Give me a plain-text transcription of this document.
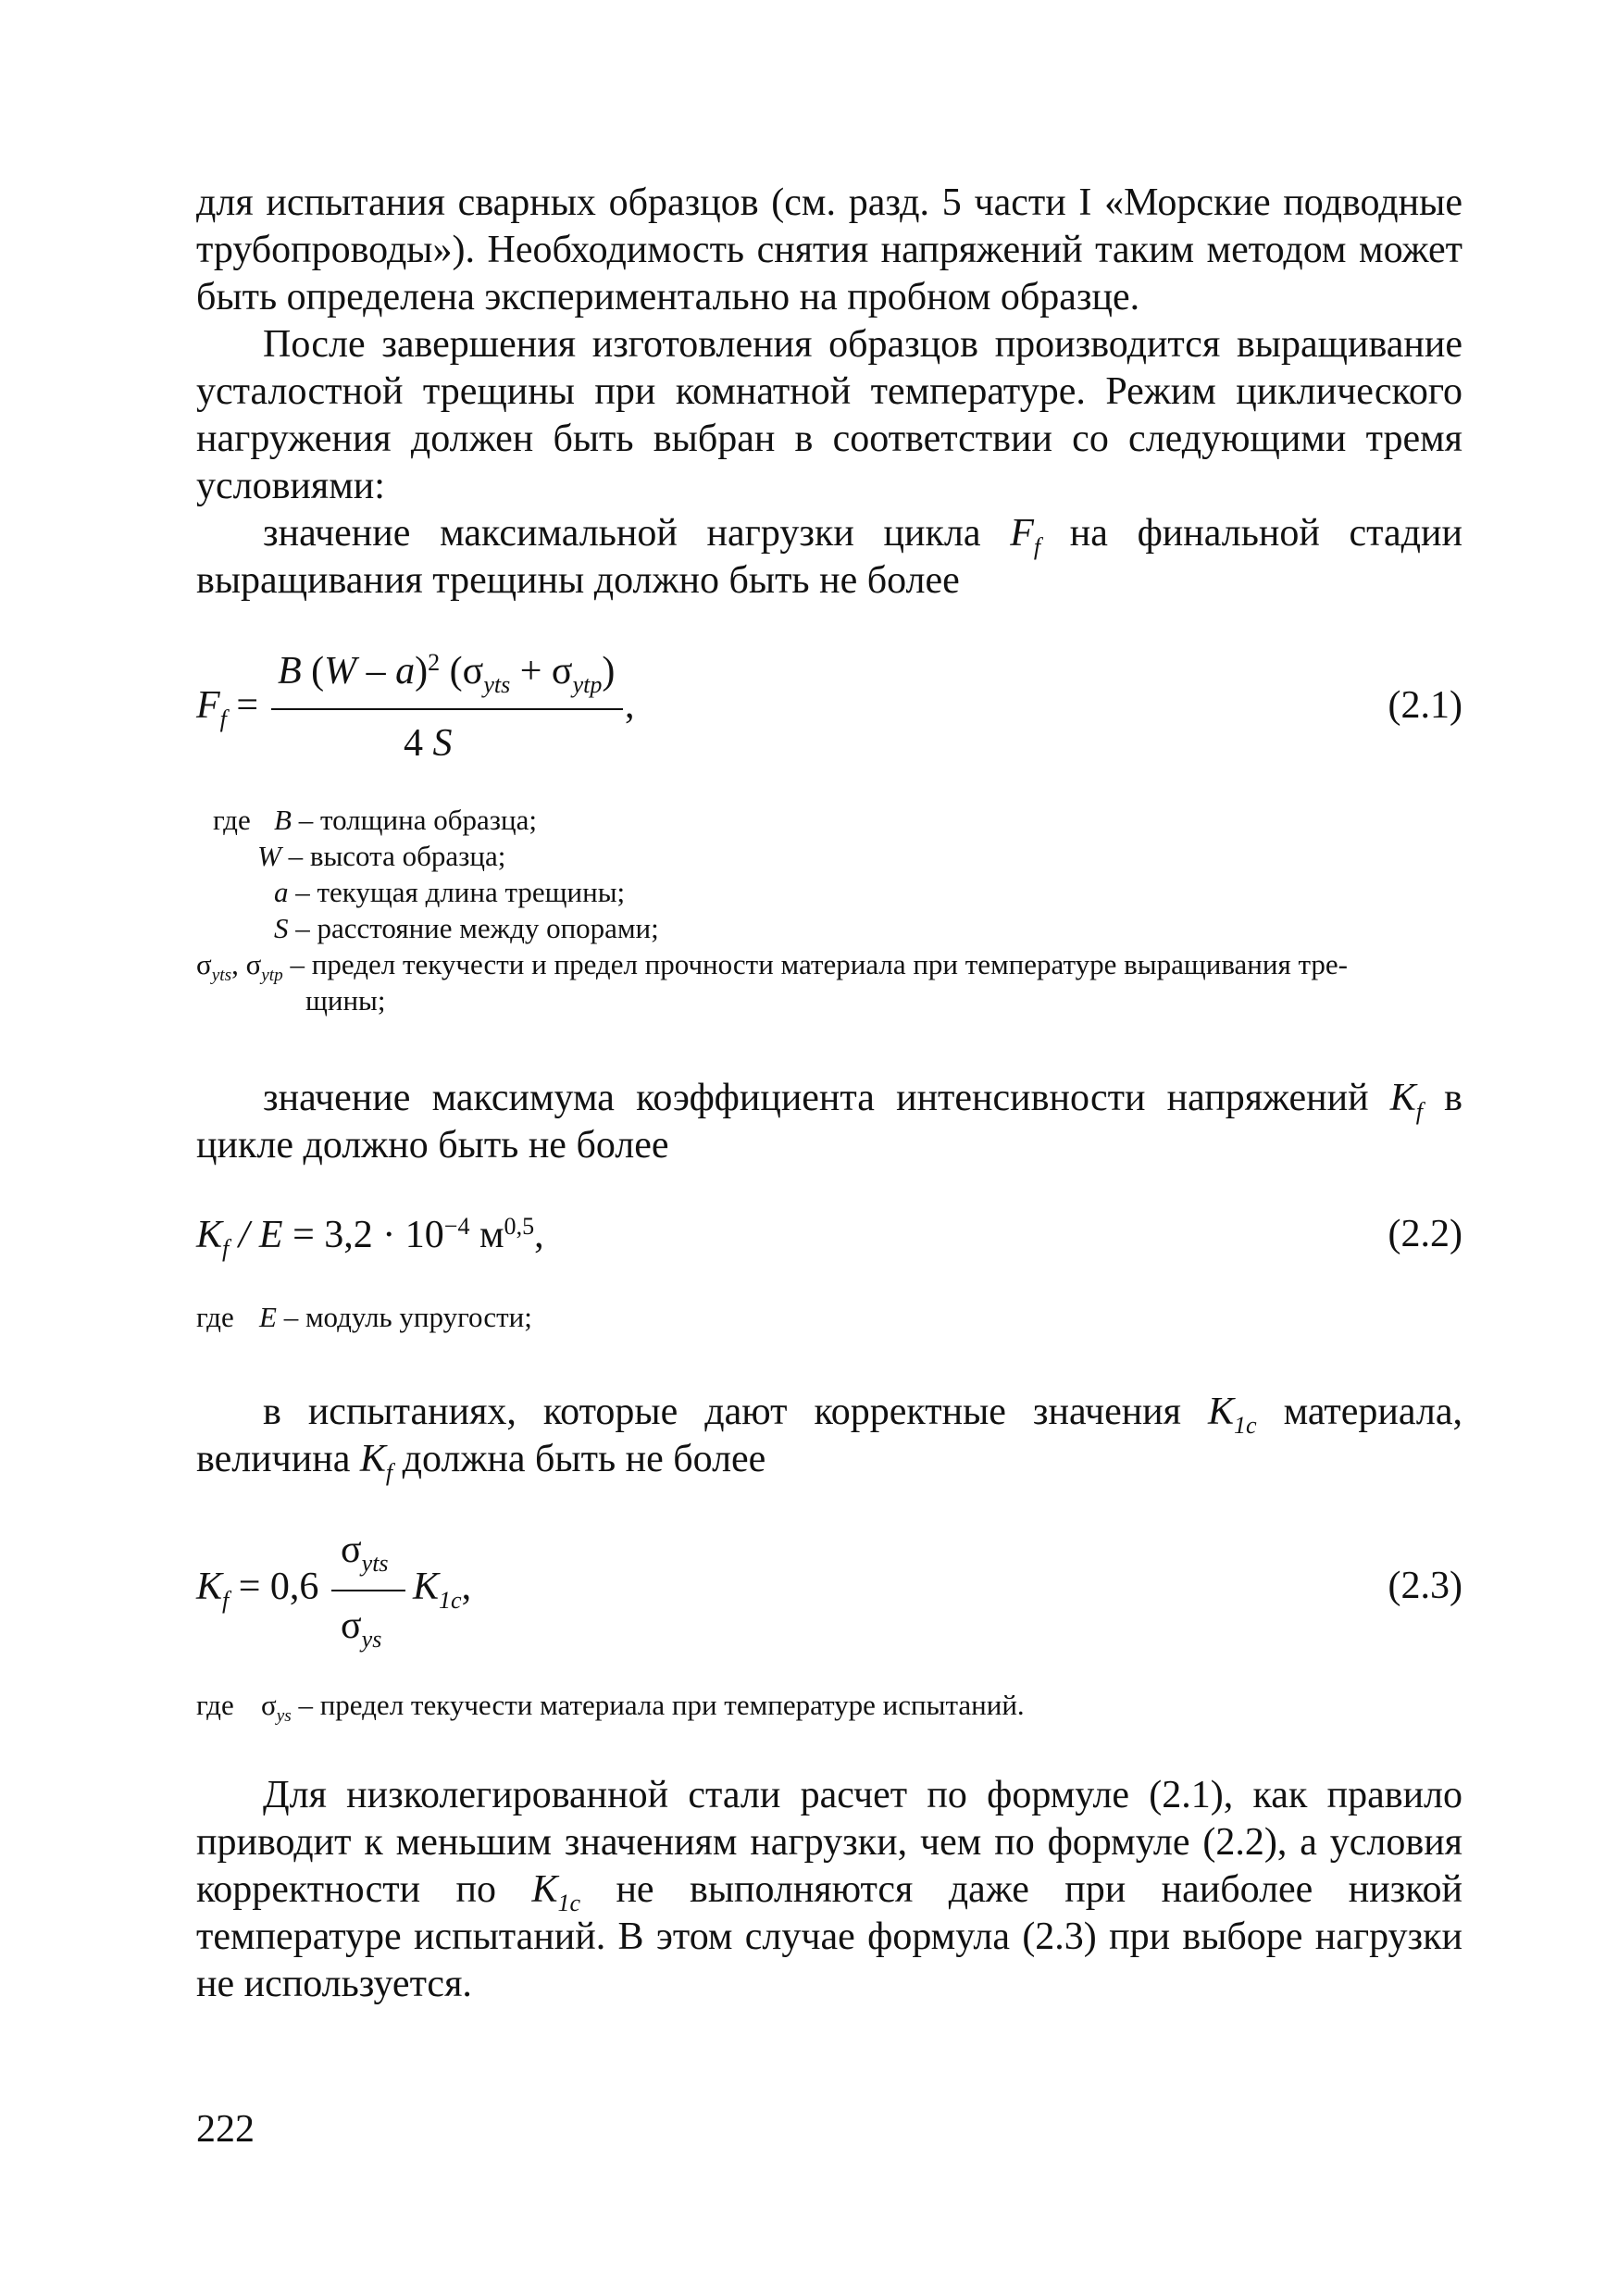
для испытания сварных образцов (см. разд. 5 части I «Морские подводные трубопроводы»). Необходимость снятия напряжений таким методом может быть определена экспериментально на пробном образце.

После завершения изготовления образцов производится выращивание усталостной трещины при комнатной температуре. Режим циклического нагружения должен быть выбран в соответствии со следующими тремя условиями:

значение максимальной нагрузки цикла $F_f$ на финальной стадии выращивания трещины должно быть не более

$F_f$ =
B (W – a)$^2$ $(\sigma_{yts} + \sigma_{ytp})$
,
4 S
(2.1)
где B – толщина образца;
W – высота образца;
a – текущая длина трещины;
S – расстояние между опорами;
$\sigma_{yts}$, $\sigma_{ytp}$ – предел текучести и предел прочности материала при температуре выращивания тре-
щины;

значение максимума коэффициента интенсивности напряжений $K_f$ в цикле должно быть не более

$K_f / E = 3,2 \cdot 10^{-4}$ $м^{0,5}$,	(2.2)
где E – модуль упругости;

в испытаниях, которые дают корректные значения $K_{1c}$ материала, величина $K_f$ должна быть не более

$K_f = 0,6$
$\sigma_{yts}$
$\sigma_{ys}$
$K_{1c}$,	(2.3)
где $\sigma_{ys}$ – предел текучести материала при температуре испытаний.

Для низколегированной стали расчет по формуле (2.1), как правило приводит к меньшим значениям нагрузки, чем по формуле (2.2), а условия корректности по $K_{1c}$ не выполняются даже при наиболее низкой температуре испытаний. В этом случае формула (2.3) при выборе нагрузки не используется.

222
